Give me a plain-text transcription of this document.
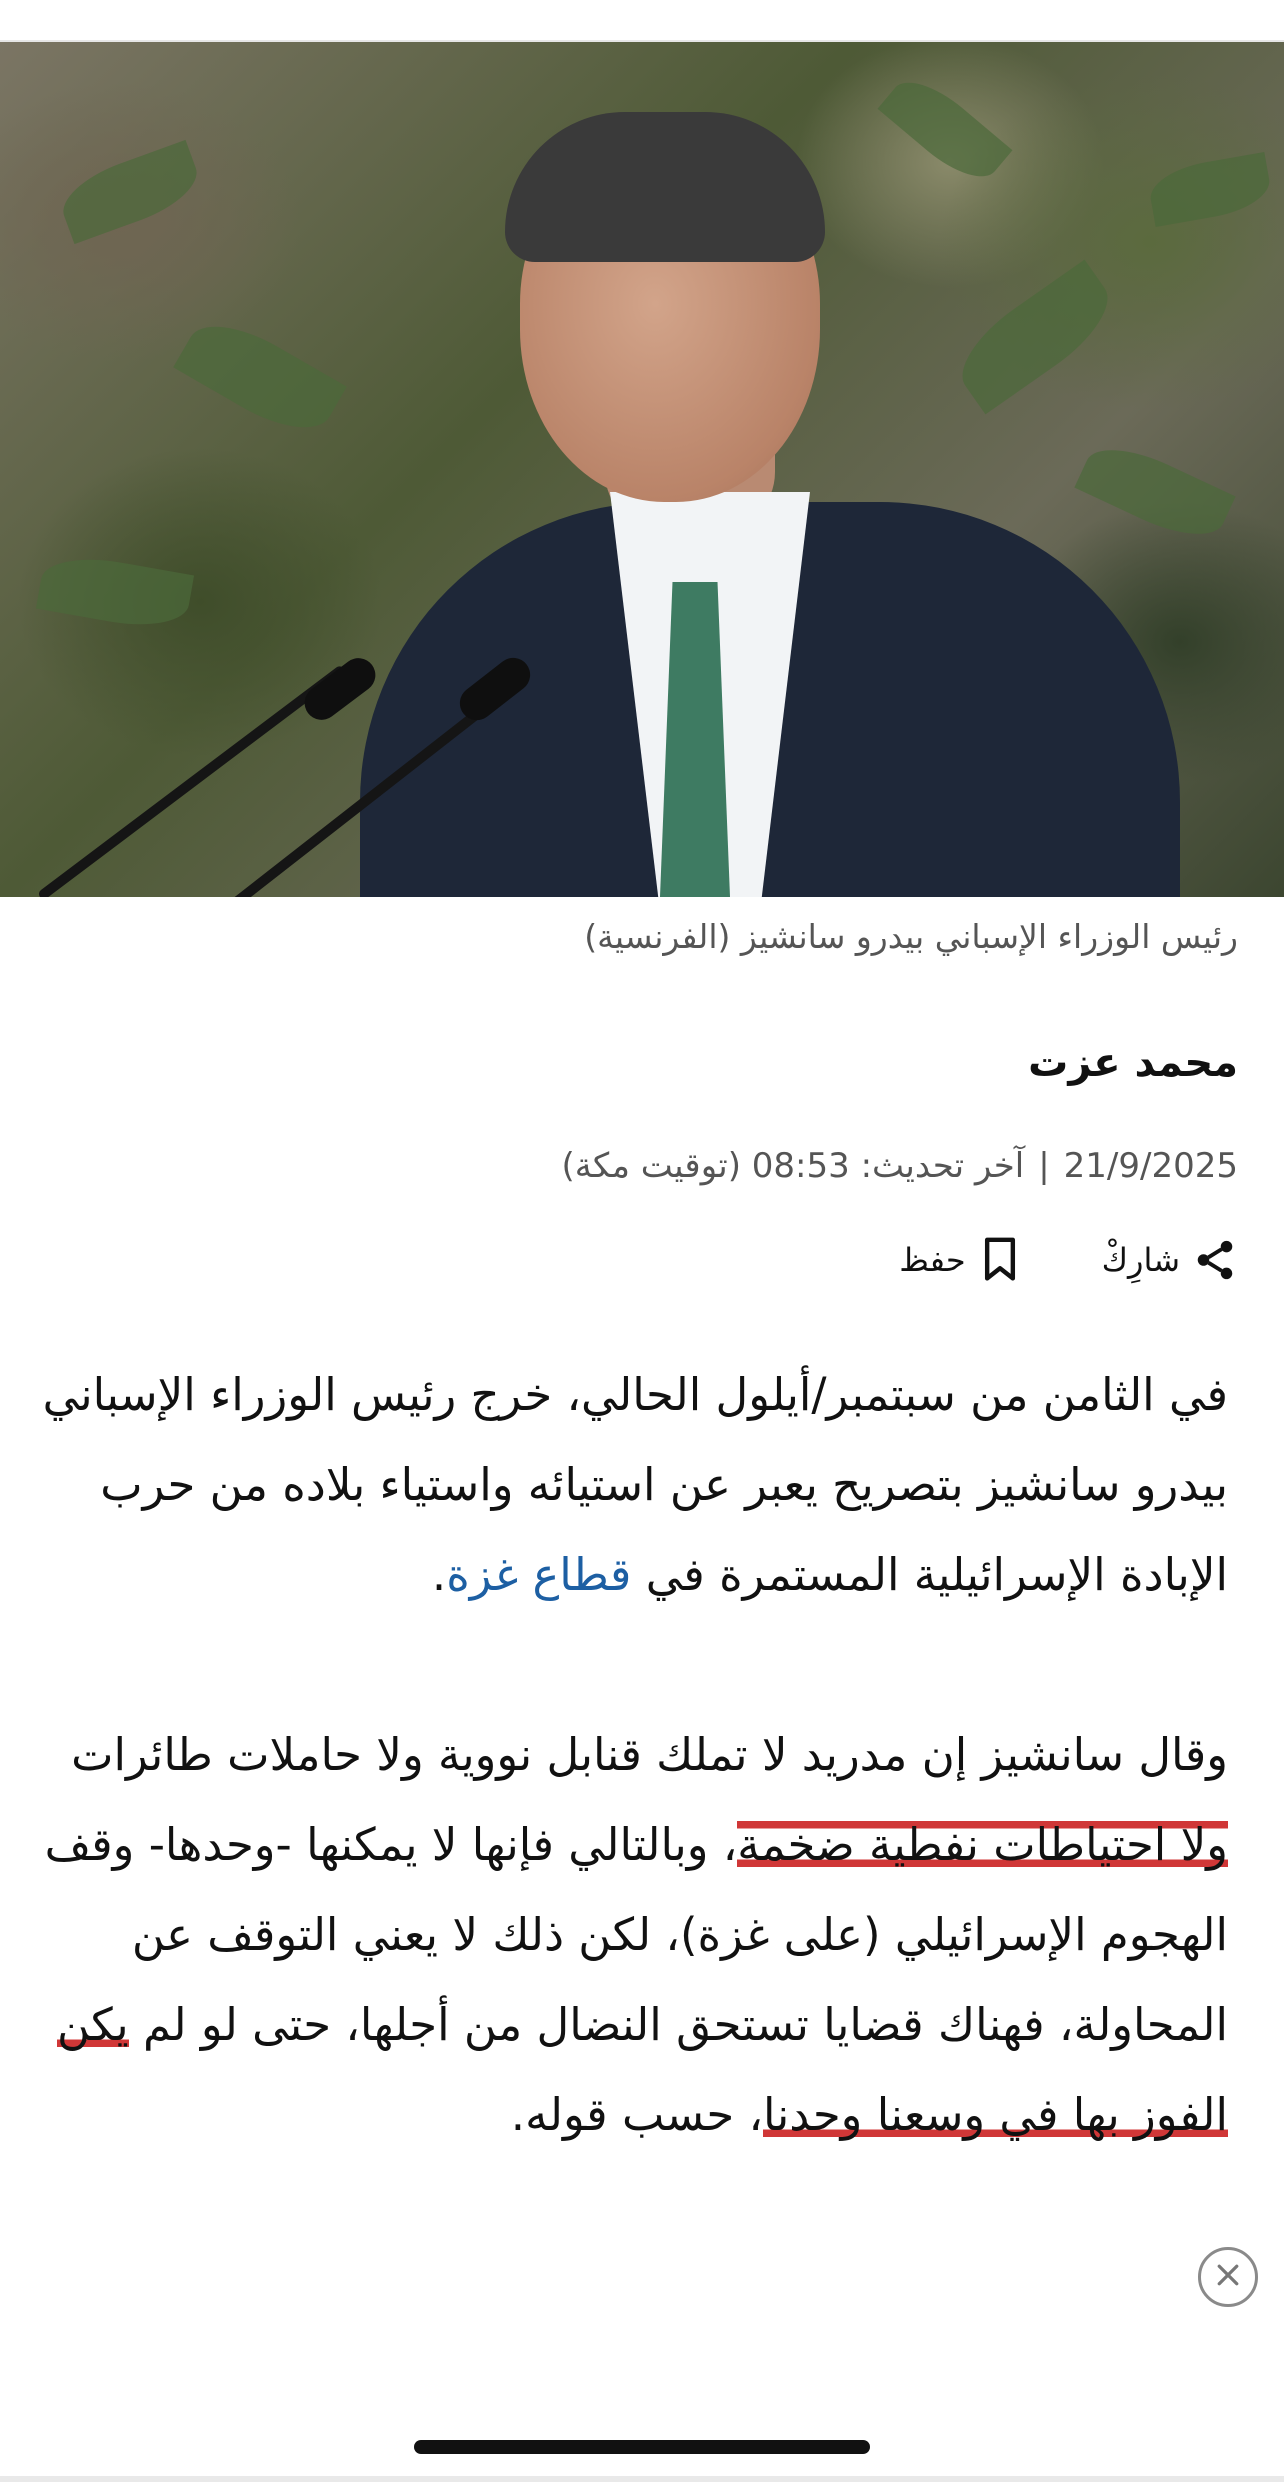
رئيس الوزراء الإسباني بيدرو سانشيز (الفرنسية)
محمد عزت
21/9/2025|آخر تحديث: 08:53 (توقيت مكة)
شارِكْ
حفظ

في الثامن من سبتمبر/أيلول الحالي، خرج رئيس الوزراء الإسباني بيدرو سانشيز بتصريح يعبر عن استيائه واستياء بلاده من حرب الإبادة الإسرائيلية المستمرة في قطاع غزة.

وقال سانشيز إن مدريد لا تملك قنابل نووية ولا حاملات طائرات ولا احتياطات نفطية ضخمة، وبالتالي فإنها لا يمكنها -وحدها- وقف الهجوم الإسرائيلي (على غزة)، لكن ذلك لا يعني التوقف عن المحاولة، فهناك قضايا تستحق النضال من أجلها، حتى لو لم يكن الفوز بها في وسعنا وحدنا، حسب قوله.
